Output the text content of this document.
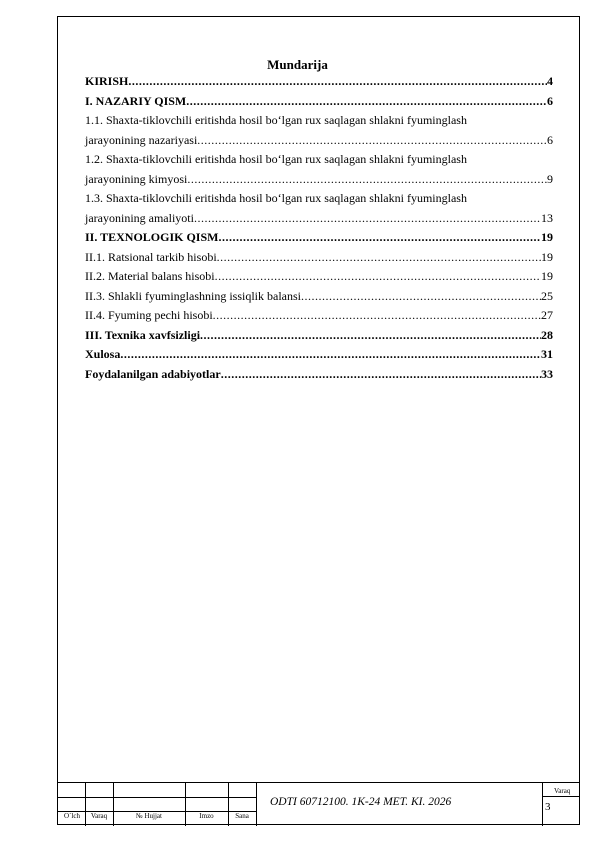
Mundarija
KIRISH .....	4
I. NAZARIY QISM .....	6
1.1. Shaxta-tiklovchili eritishda hosil bo‘lgan rux saqlagan shlakni fyuminglash
jarayonining nazariyasi .....	6
1.2. Shaxta-tiklovchili eritishda hosil bo‘lgan rux saqlagan shlakni fyuminglash
jarayonining kimyosi .....	9
1.3. Shaxta-tiklovchili eritishda hosil bo‘lgan rux saqlagan shlakni fyuminglash
jarayonining amaliyoti .....	13
II. TEXNOLOGIK QISM .....	19
II.1. Ratsional tarkib hisobi .....	19
II.2. Material balans hisobi .....	19
II.3. Shlakli fyuminglashning issiqlik balansi .....	25
II.4. Fyuming pechi hisobi .....	27
III. Texnika xavfsizligi .....	28
Xulosa .....	31
Foydalanilgan adabiyotlar .....	33
O`lch	Varaq	№ Hujjat	Imzo	Sana
ODTI 60712100. 1K-24 MET. KI. 2026
Varaq
3
